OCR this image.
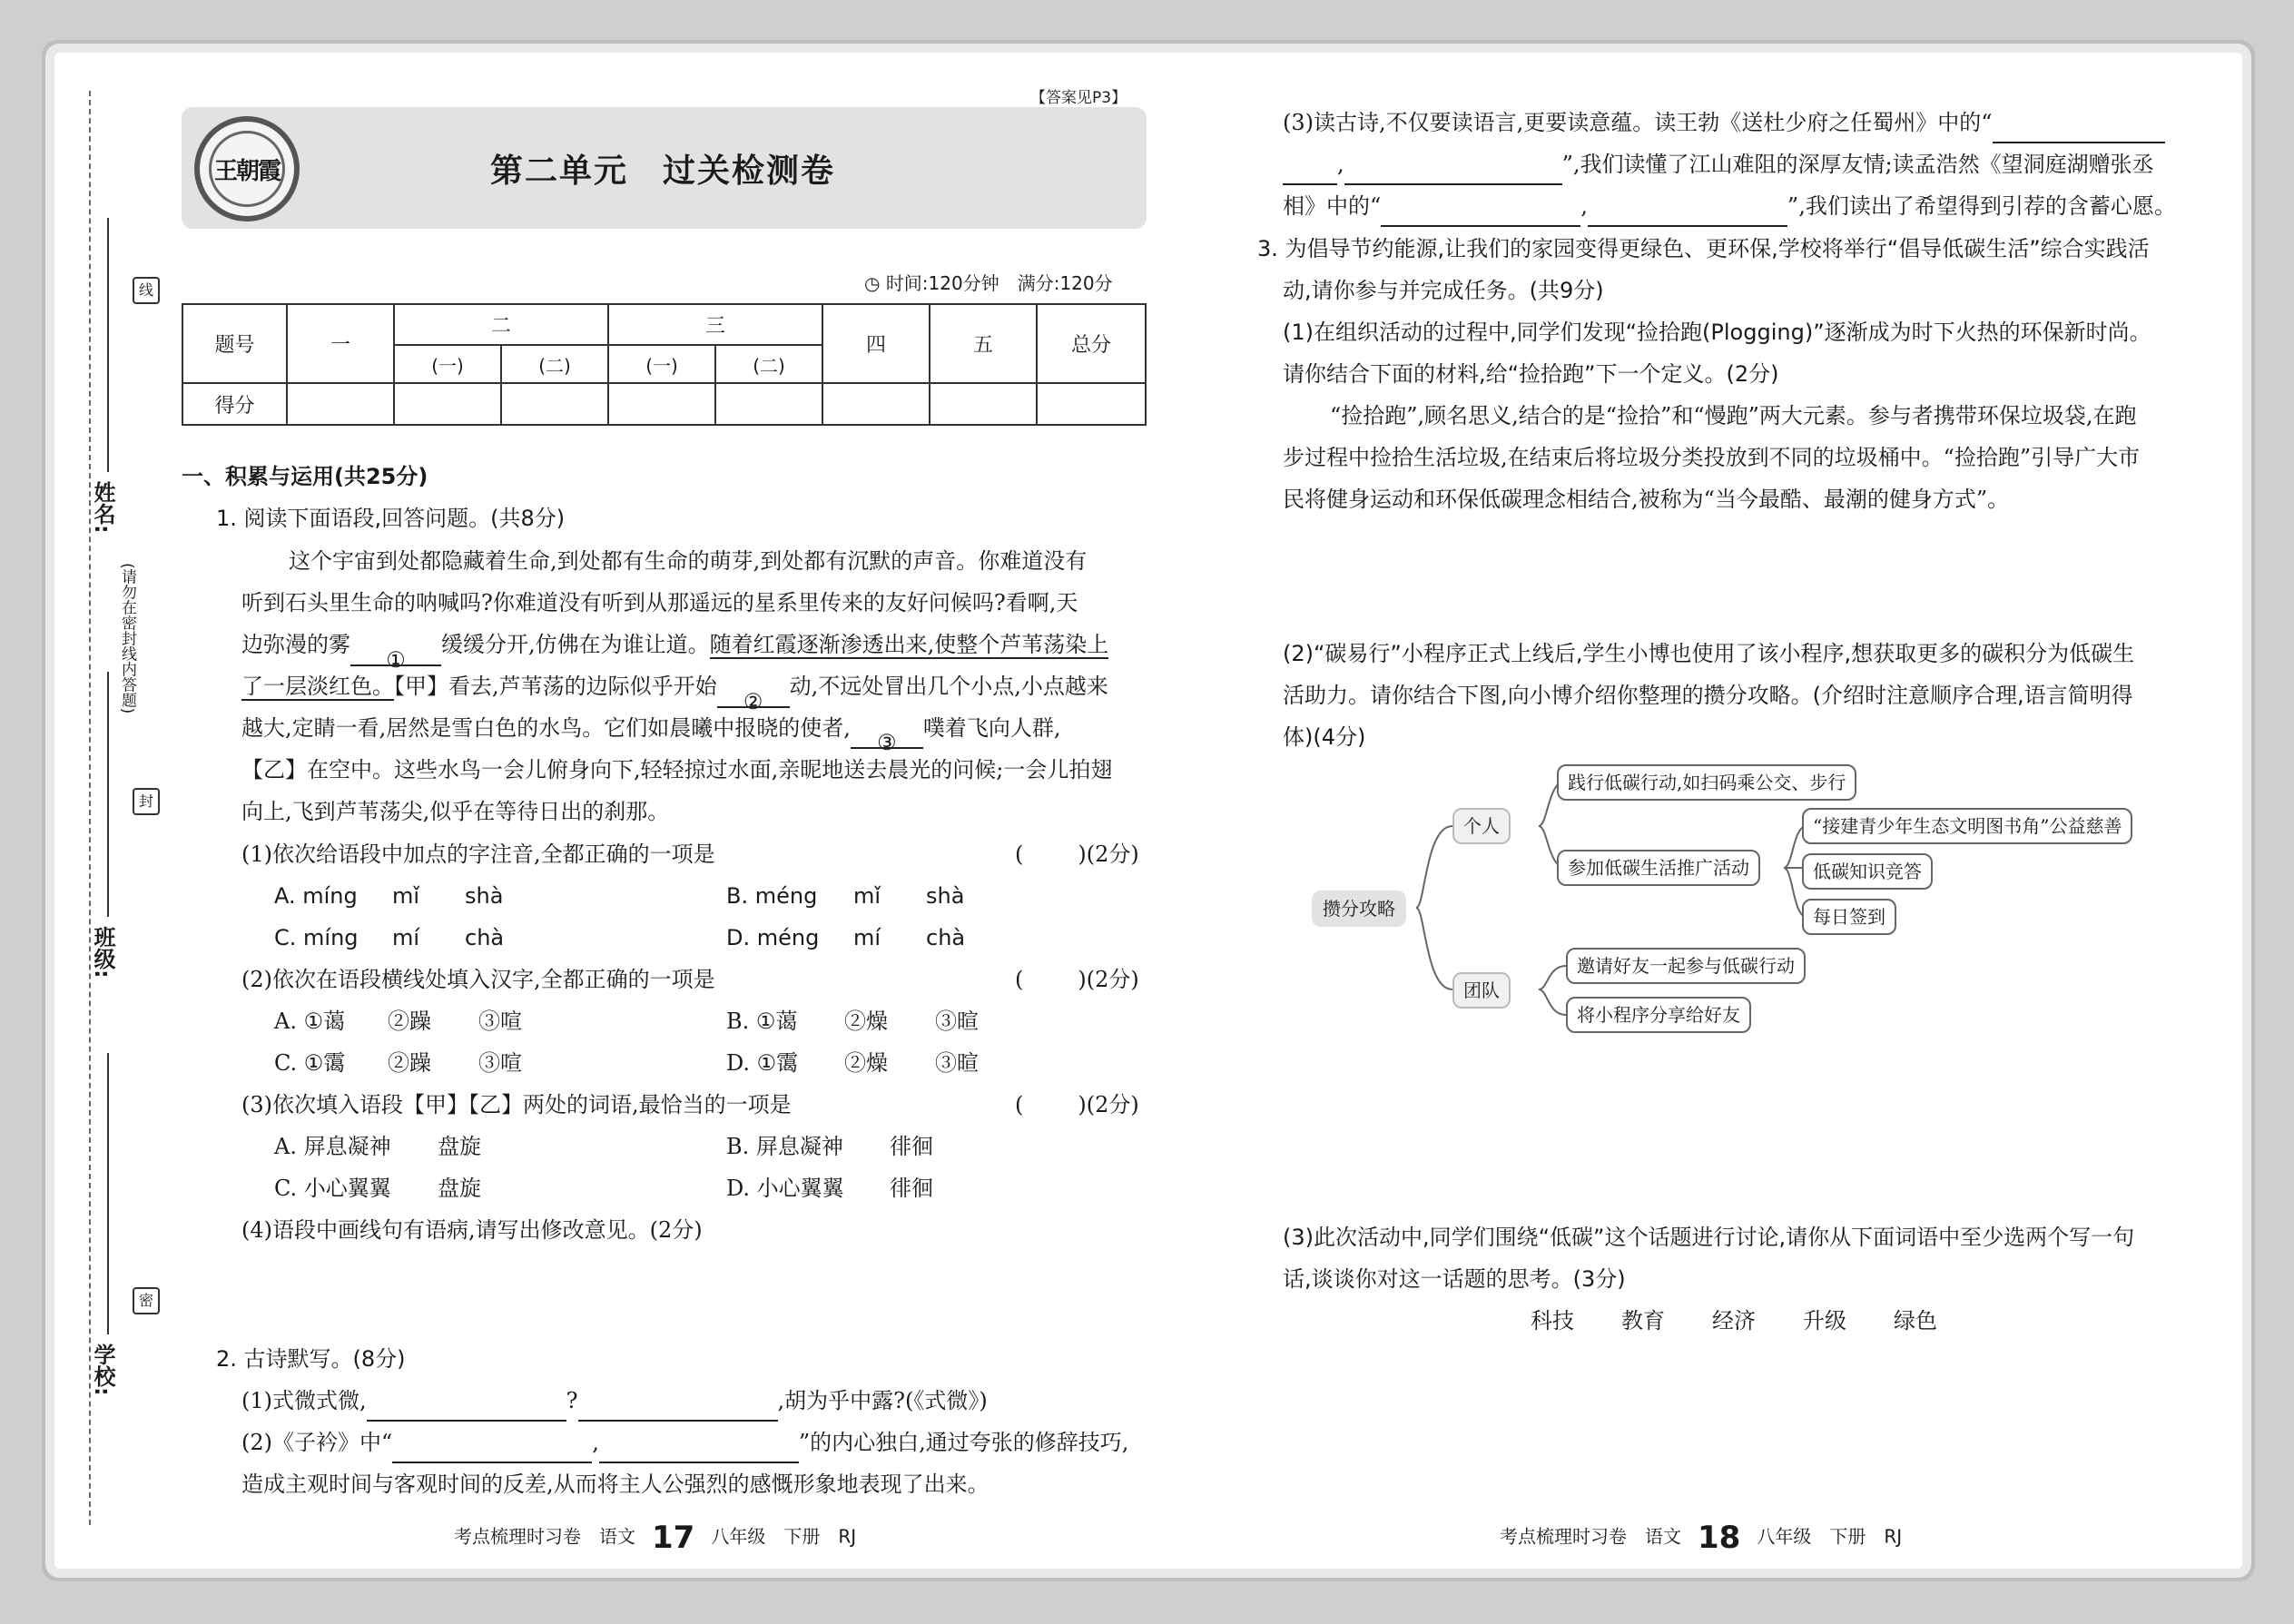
线
封
密
(请勿在密封线内答题)
姓名:
班级:
学校:
【答案见P3】
王朝霞	第二单元　过关检测卷
◷ 时间:120分钟　满分:120分
题号	一	二		三		四	五	总分
		(一)	(二)	(一)	(二)			
得分								
一、积累与运用(共25分)
1. 阅读下面语段,回答问题。(共8分)
这个宇宙到处都隐藏着生命,到处都有生命的萌芽,到处都有沉默的声音。你难道没有
听到石头里生命的呐喊吗?你难道没有听到从那遥远的星系里传来的友好问候吗?看啊,天
边弥漫的雾①缓缓分开,仿佛在为谁让道。随着红霞逐渐渗透出来,使整个芦苇荡染上
了一层淡红色。【甲】看去,芦苇荡的边际似乎开始②动,不远处冒出几个小点,小点越来
越大,定睛一看,居然是雪白色的水鸟。它们如晨曦中报晓的使者,③噗着飞向人群,
【乙】在空中。这些水鸟一会儿俯身向下,轻轻掠过水面,亲昵地送去晨光的问候;一会儿拍翅
向上,飞到芦苇荡尖,似乎在等待日出的刹那。
(1)依次给语段中加点的字注音,全都正确的一项是	(	)(2分)
A. míng mǐ shà	B. méng mǐ shà
C. míng mí chà	D. méng mí chà
(2)依次在语段横线处填入汉字,全都正确的一项是	(	)(2分)
A. ①蔼 ②躁 ③喧	B. ①蔼 ②燥 ③暄
C. ①霭 ②躁 ③喧	D. ①霭 ②燥 ③暄
(3)依次填入语段【甲】【乙】两处的词语,最恰当的一项是	(	)(2分)
A. 屏息凝神 盘旋	B. 屏息凝神 徘徊
C. 小心翼翼 盘旋	D. 小心翼翼 徘徊
(4)语段中画线句有语病,请写出修改意见。(2分)
2. 古诗默写。(8分)
(1)式微式微,	?	,胡为乎中露?(《式微》)
(2)《子衿》中“	,	”的内心独白,通过夸张的修辞技巧,
造成主观时间与客观时间的反差,从而将主人公强烈的感慨形象地表现了出来。
(3)读古诗,不仅要读语言,更要读意蕴。读王勃《送杜少府之任蜀州》中的“
,	”,我们读懂了江山难阻的深厚友情;读孟浩然《望洞庭湖赠张丞
相》中的“	,	”,我们读出了希望得到引荐的含蓄心愿。
3. 为倡导节约能源,让我们的家园变得更绿色、更环保,学校将举行“倡导低碳生活”综合实践活
动,请你参与并完成任务。(共9分)
(1)在组织活动的过程中,同学们发现“捡拾跑(Plogging)”逐渐成为时下火热的环保新时尚。
请你结合下面的材料,给“捡拾跑”下一个定义。(2分)
“捡拾跑”,顾名思义,结合的是“捡拾”和“慢跑”两大元素。参与者携带环保垃圾袋,在跑
步过程中捡拾生活垃圾,在结束后将垃圾分类投放到不同的垃圾桶中。“捡拾跑”引导广大市
民将健身运动和环保低碳理念相结合,被称为“当今最酷、最潮的健身方式”。
(2)“碳易行”小程序正式上线后,学生小博也使用了该小程序,想获取更多的碳积分为低碳生
活助力。请你结合下图,向小博介绍你整理的攒分攻略。(介绍时注意顺序合理,语言简明得
体)(4分)
攒分攻略
个人
团队
践行低碳行动,如扫码乘公交、步行
参加低碳生活推广活动
“接建青少年生态文明图书角”公益慈善
低碳知识竞答
每日签到
邀请好友一起参与低碳行动
将小程序分享给好友
(3)此次活动中,同学们围绕“低碳”这个话题进行讨论,请你从下面词语中至少选两个写一句
话,谈谈你对这一话题的思考。(3分)
科技 教育 经济 升级 绿色
考点梳理时习卷　语文 17 八年级　下册　RJ	考点梳理时习卷　语文 18 八年级　下册　RJ
